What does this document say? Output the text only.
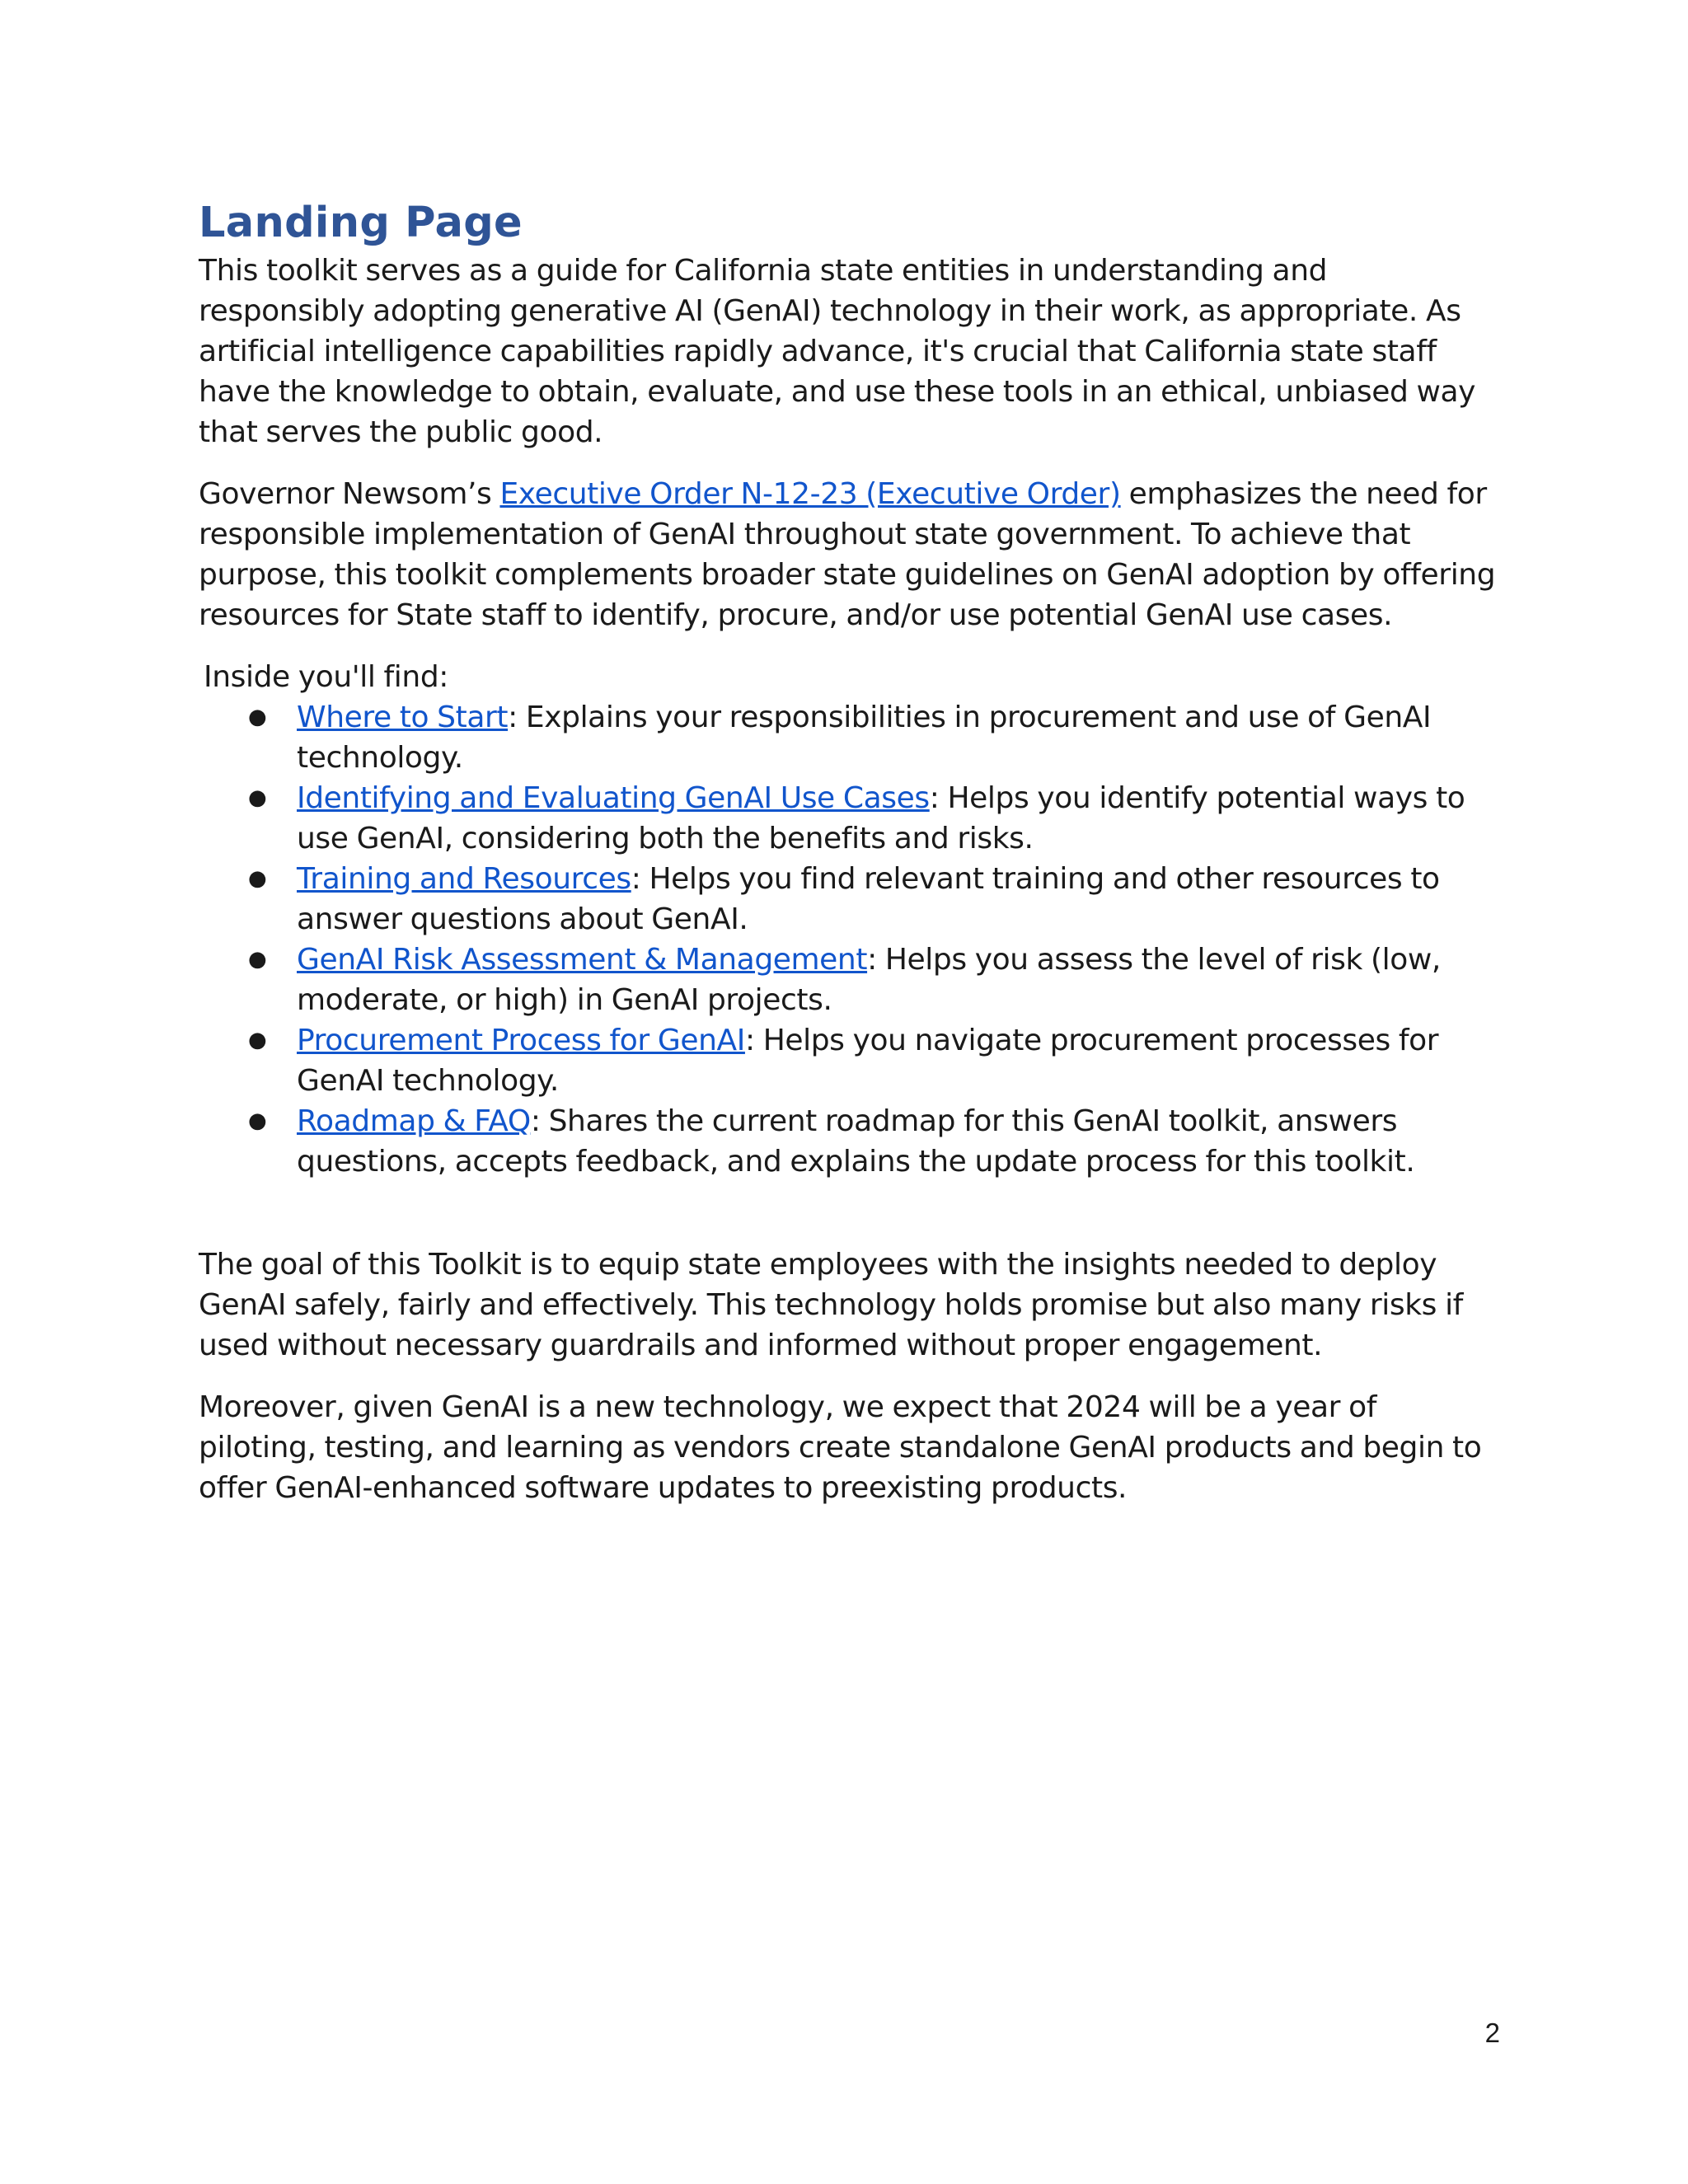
Landing Page

This toolkit serves as a guide for California state entities in understanding and responsibly adopting generative AI (GenAI) technology in their work, as appropriate. As artificial intelligence capabilities rapidly advance, it's crucial that California state staff have the knowledge to obtain, evaluate, and use these tools in an ethical, unbiased way that serves the public good.

Governor Newsom’s Executive Order N-12-23 (Executive Order) emphasizes the need for responsible implementation of GenAI throughout state government. To achieve that purpose, this toolkit complements broader state guidelines on GenAI adoption by offering resources for State staff to identify, procure, and/or use potential GenAI use cases.

Inside you'll find:

● Where to Start: Explains your responsibilities in procurement and use of GenAI technology.
● Identifying and Evaluating GenAI Use Cases: Helps you identify potential ways to use GenAI, considering both the benefits and risks.
● Training and Resources: Helps you find relevant training and other resources to answer questions about GenAI.
● GenAI Risk Assessment & Management: Helps you assess the level of risk (low, moderate, or high) in GenAI projects.
● Procurement Process for GenAI: Helps you navigate procurement processes for GenAI technology.
● Roadmap & FAQ: Shares the current roadmap for this GenAI toolkit, answers questions, accepts feedback, and explains the update process for this toolkit.

The goal of this Toolkit is to equip state employees with the insights needed to deploy GenAI safely, fairly and effectively. This technology holds promise but also many risks if used without necessary guardrails and informed without proper engagement.

Moreover, given GenAI is a new technology, we expect that 2024 will be a year of piloting, testing, and learning as vendors create standalone GenAI products and begin to offer GenAI-enhanced software updates to preexisting products.

2
